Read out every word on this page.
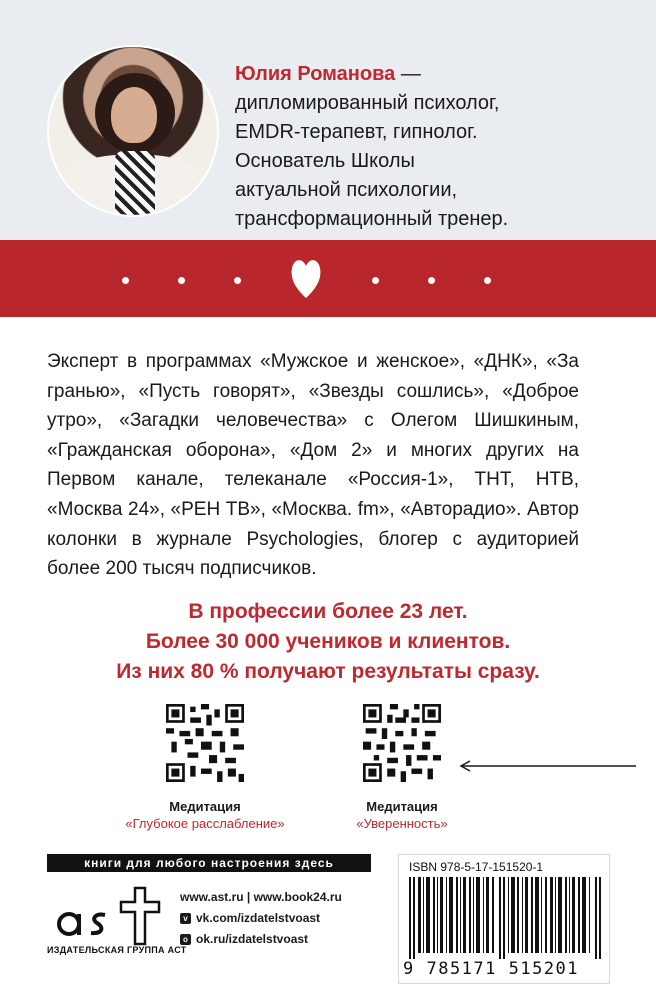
Юлия Романова —
дипломированный психолог,
EMDR-терапевт, гипнолог.
Основатель Школы
актуальной психологии,
трансформационный тренер.
Эксперт в программах «Мужское и женское», «ДНК», «За гранью», «Пусть говорят», «Звезды сошлись», «Доброе утро», «Загадки человечества» с Олегом Шишкиным, «Гражданская оборона», «Дом 2» и многих других на Первом канале, телеканале «Россия-1», ТНТ, НТВ, «Москва 24», «РЕН ТВ», «Москва. fm», «Авторадио». Автор колонки в журнале Psychologies, блогер с аудиторией более 200 тысяч подписчиков.
В профессии более 23 лет.
Более 30 000 учеников и клиентов.
Из них 80 % получают результаты сразу.
Медитация
«Глубокое расслабление»
Медитация
«Уверенность»
книги для любого настроения здесь
ИЗДАТЕЛЬСКАЯ ГРУППА АСТ
www.ast.ru | www.book24.ru
v vk.com/izdatelstvoast
o ok.ru/izdatelstvoast
ISBN 978-5-17-151520-1
9 785171 515201
